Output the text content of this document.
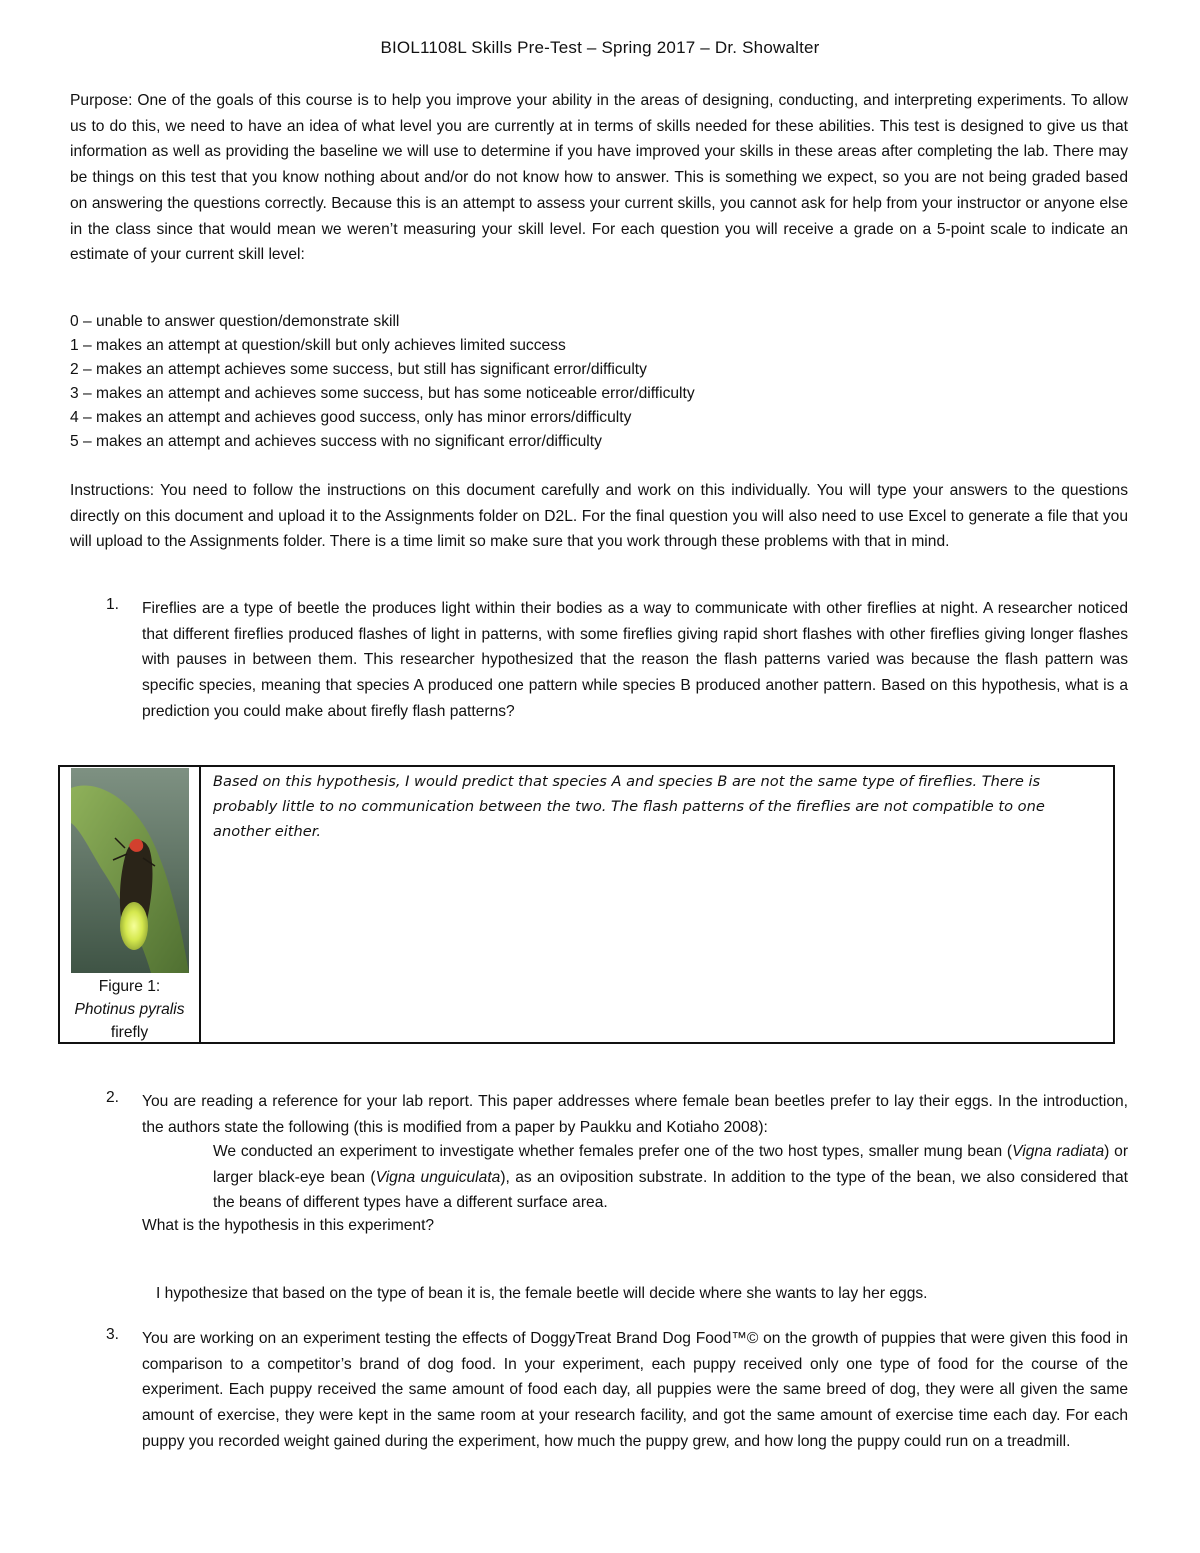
BIOL1108L Skills Pre-Test – Spring 2017 – Dr. Showalter
Purpose: One of the goals of this course is to help you improve your ability in the areas of designing, conducting, and interpreting experiments. To allow us to do this, we need to have an idea of what level you are currently at in terms of skills needed for these abilities. This test is designed to give us that information as well as providing the baseline we will use to determine if you have improved your skills in these areas after completing the lab. There may be things on this test that you know nothing about and/or do not know how to answer. This is something we expect, so you are not being graded based on answering the questions correctly. Because this is an attempt to assess your current skills, you cannot ask for help from your instructor or anyone else in the class since that would mean we weren’t measuring your skill level. For each question you will receive a grade on a 5-point scale to indicate an estimate of your current skill level:
0 – unable to answer question/demonstrate skill
1 – makes an attempt at question/skill but only achieves limited success
2 – makes an attempt achieves some success, but still has significant error/difficulty
3 – makes an attempt and achieves some success, but has some noticeable error/difficulty
4 – makes an attempt and achieves good success, only has minor errors/difficulty
5 – makes an attempt and achieves success with no significant error/difficulty
Instructions: You need to follow the instructions on this document carefully and work on this individually. You will type your answers to the questions directly on this document and upload it to the Assignments folder on D2L. For the final question you will also need to use Excel to generate a file that you will upload to the Assignments folder. There is a time limit so make sure that you work through these problems with that in mind.
1. Fireflies are a type of beetle the produces light within their bodies as a way to communicate with other fireflies at night. A researcher noticed that different fireflies produced flashes of light in patterns, with some fireflies giving rapid short flashes with other fireflies giving longer flashes with pauses in between them. This researcher hypothesized that the reason the flash patterns varied was because the flash pattern was specific species, meaning that species A produced one pattern while species B produced another pattern. Based on this hypothesis, what is a prediction you could make about firefly flash patterns?
Figure 1:
Photinus pyralis firefly
Based on this hypothesis, I would predict that species A and species B are not the same type of fireflies. There is probably little to no communication between the two. The flash patterns of the fireflies are not compatible to one another either.
2. You are reading a reference for your lab report. This paper addresses where female bean beetles prefer to lay their eggs. In the introduction, the authors state the following (this is modified from a paper by Paukku and Kotiaho 2008):
We conducted an experiment to investigate whether females prefer one of the two host types, smaller mung bean (Vigna radiata) or larger black-eye bean (Vigna unguiculata), as an oviposition substrate. In addition to the type of the bean, we also considered that the beans of different types have a different surface area.
What is the hypothesis in this experiment?
I hypothesize that based on the type of bean it is, the female beetle will decide where she wants to lay her eggs.
3. You are working on an experiment testing the effects of DoggyTreat Brand Dog Food™© on the growth of puppies that were given this food in comparison to a competitor’s brand of dog food. In your experiment, each puppy received only one type of food for the course of the experiment. Each puppy received the same amount of food each day, all puppies were the same breed of dog, they were all given the same amount of exercise, they were kept in the same room at your research facility, and got the same amount of exercise time each day. For each puppy you recorded weight gained during the experiment, how much the puppy grew, and how long the puppy could run on a treadmill.
